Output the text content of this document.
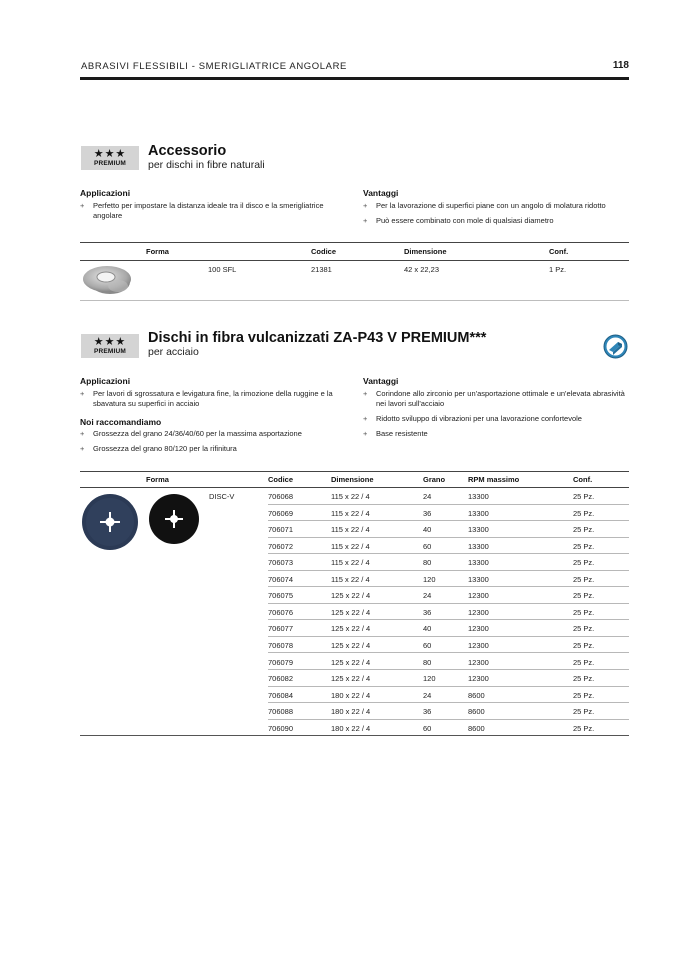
ABRASIVI FLESSIBILI - SMERIGLIATRICE ANGOLARE	118
★★★
PREMIUM
Accessorio
per dischi in fibre naturali
Applicazioni
+	Perfetto per impostare la distanza ideale tra il disco e la smerigliatrice angolare
Vantaggi
+	Per la lavorazione di superfici piane con un angolo di molatura ridotto
+	Può essere combinato con mole di qualsiasi diametro
Forma	Codice	Dimensione	Conf.
100 SFL	21381	42 x 22,23	1 Pz.
★★★
PREMIUM
Dischi in fibra vulcanizzati ZA-P43 V PREMIUM***
per acciaio
Applicazioni
+	Per lavori di sgrossatura e levigatura fine, la rimozione della ruggine e la sbavatura su superfici in acciaio
Noi raccomandiamo
+	Grossezza del grano 24/36/40/60 per la massima asportazione
+	Grossezza del grano 80/120 per la rifinitura
Vantaggi
+	Corindone allo zirconio per un'asportazione ottimale e un'elevata abrasività nei lavori sull'acciaio
+	Ridotto sviluppo di vibrazioni per una lavorazione confortevole
+	Base resistente
Forma	Codice	Dimensione	Grano	RPM massimo	Conf.
DISC-V	706068	115 x 22 / 4	24	13300	25 Pz.
706069	115 x 22 / 4	36	13300	25 Pz.
706071	115 x 22 / 4	40	13300	25 Pz.
706072	115 x 22 / 4	60	13300	25 Pz.
706073	115 x 22 / 4	80	13300	25 Pz.
706074	115 x 22 / 4	120	13300	25 Pz.
706075	125 x 22 / 4	24	12300	25 Pz.
706076	125 x 22 / 4	36	12300	25 Pz.
706077	125 x 22 / 4	40	12300	25 Pz.
706078	125 x 22 / 4	60	12300	25 Pz.
706079	125 x 22 / 4	80	12300	25 Pz.
706082	125 x 22 / 4	120	12300	25 Pz.
706084	180 x 22 / 4	24	8600	25 Pz.
706088	180 x 22 / 4	36	8600	25 Pz.
706090	180 x 22 / 4	60	8600	25 Pz.
